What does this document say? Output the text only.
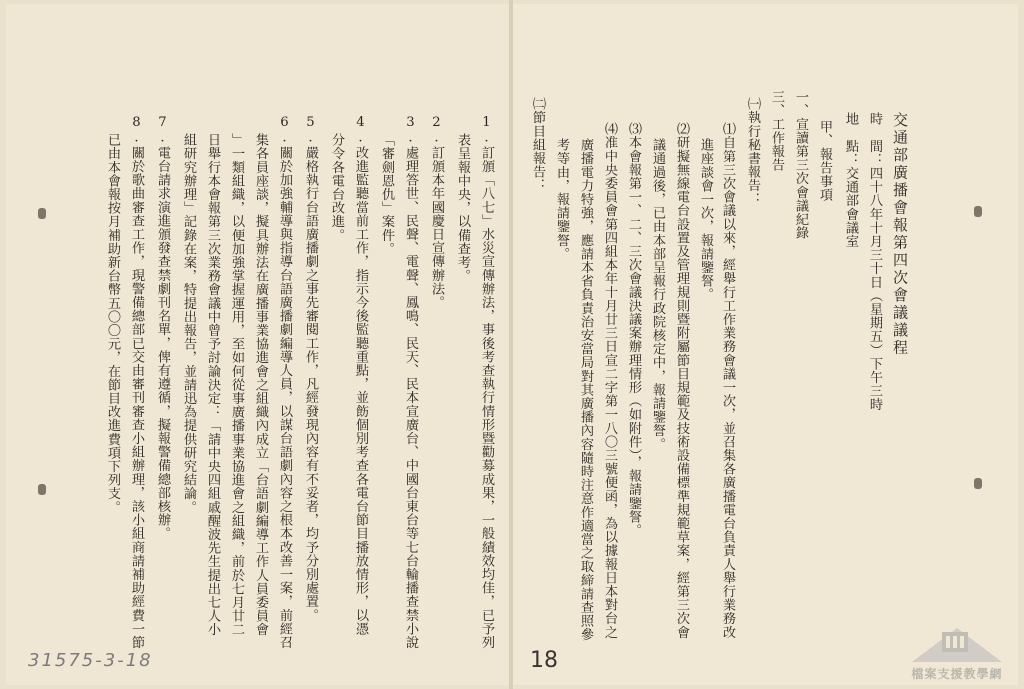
交通部廣播會報第四次會議議程
時　間：四十八年十月三十日（星期五）下午三時
地　點：交通部會議室
甲、報告事項
一、宣讀第三次會議紀錄
三、工作報告
㈠執行秘書報告：
⑴自第三次會議以來，經舉行工作業務會議一次，並召集各廣播電台負責人舉行業務改
進座談會一次，報請鑒詧。
⑵研擬無線電台設置及管理規則暨附屬節目規範及技術設備標準規範草案，經第三次會
議通過後，已由本部呈報行政院核定中，報請鑒詧。
⑶本會報第一、二、三次會議決議案辦理情形（如附件），報請鑒詧。
⑷准中央委員會第四組本年十月廿三日宣二字第一八〇三號便函，為以據報日本對台之
廣播電力特強，應請本省負責治安當局對其廣播內容隨時注意作適當之取締請查照參
考等由，報請鑒詧。
㈡節目組報告：
1.訂頒「八七」水災宣傳辦法，事後考查執行情形暨勸募成果，一般績效均佳，已予列
表呈報中央，以備查考。
2.訂頒本年國慶日宣傳辦法。
3.處理答世、民聲、電聲、鳳鳴、民天、民本宣廣台、中國台東台等七台輪播查禁小說
「審劍恩仇」案件。
4.改進監聽當前工作，指示今後監聽重點，並飭個別考查各電台節目播放情形，以憑
分令各電台改進。
5.嚴格執行台語廣播劇之事先審閱工作，凡經發現內容有不妥者，均予分別處置。
6.關於加強輔導與指導台語廣播劇編導人員，以謀台語劇內容之根本改善一案，前經召
集各員座談，擬具辦法在廣播事業協進會之組織內成立「台語劇編導工作人員委員會
」一類組織，以便加強掌握運用，至如何從事廣播事業協進會之組織，前於七月廿二
日舉行本會報第三次業務會議中曾予討論決定：「請中央四組戚醒波先生提出七人小
組研究辦理」記錄在案，特提出報告，並請迅為提供研究結論。
7.電台請求演進頒發查禁劇刊名單，俾有遵循，擬報警備總部核辦。
8.關於歌曲審查工作，現警備總部已交由審刊審查小組辦理，該小組商請補助經費一節
已由本會報按月補助新台幣五〇〇元，在節目改進費項下列支。
31575-3-18	18
檔案支援教學網
